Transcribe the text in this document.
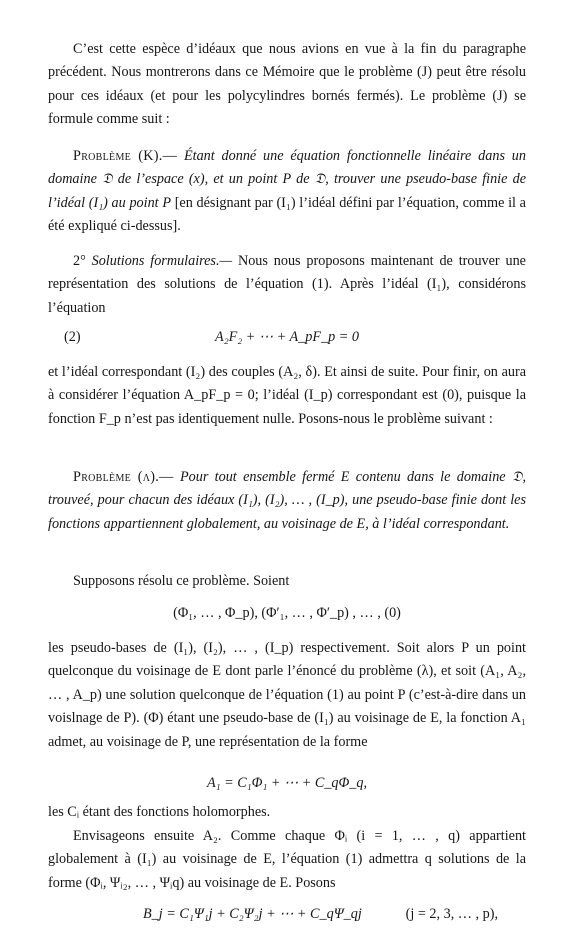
C’est cette espèce d’idéaux que nous avions en vue à la fin du paragraphe précédent. Nous montrerons dans ce Mémoire que le problème (J) peut être résolu pour ces idéaux (et pour les polycylindres bornés fermés). Le problème (J) se formule comme suit :

Problème (K).— Étant donné une équation fonctionnelle linéaire dans un domaine 𝔇 de l’espace (x), et un point P de 𝔇, trouver une pseudo-base finie de l’idéal (I₁) au point P [en désignant par (I₁) l’idéal défini par l’équation, comme il a été expliqué ci-dessus].

2° Solutions formulaires.— Nous nous proposons maintenant de trouver une représentation des solutions de l’équation (1). Après l’idéal (I₁), considérons l’équation

(2)	A₂F₂ + ⋯ + A_pF_p = 0

et l’idéal correspondant (I₂) des couples (A₂, δ). Et ainsi de suite. Pour finir, on aura à considérer l’équation A_pF_p = 0; l’idéal (I_p) correspondant est (0), puisque la fonction F_p n’est pas identiquement nulle. Posons-nous le problème suivant :

Problème (λ).— Pour tout ensemble fermé E contenu dans le domaine 𝔇, trouveé, pour chacun des idéaux (I₁), (I₂), … , (I_p), une pseudo-base finie dont les fonctions appartiennent globalement, au voisinage de E, à l’idéal correspondant.

Supposons résolu ce problème. Soient

(Φ₁, … , Φ_p), (Φ′₁, … , Φ′_p) , … , (0)

les pseudo-bases de (I₁), (I₂), … , (I_p) respectivement. Soit alors P un point quelconque du voisinage de E dont parle l’énoncé du problème (λ), et soit (A₁, A₂, … , A_p) une solution quelconque de l’équation (1) au point P (c’est-à-dire dans un voislnage de P). (Φ) étant une pseudo-base de (I₁) au voisinage de E, la fonction A₁ admet, au voisinage de P, une représentation de la forme

A₁ = C₁Φ₁ + ⋯ + C_qΦ_q,

les Cᵢ étant des fonctions holomorphes.

Envisageons ensuite A₂. Comme chaque Φᵢ (i = 1, … , q) appartient globalement à (I₁) au voisinage de E, l’équation (1) admettra q solutions de la forme (Φᵢ, Ψᵢ₂, … , Ψᵢq) au voisinage de E. Posons

B_j = C₁Ψ₁j + C₂Ψ₂j + ⋯ + C_qΨ_qj	(j = 2, 3, … , p),
